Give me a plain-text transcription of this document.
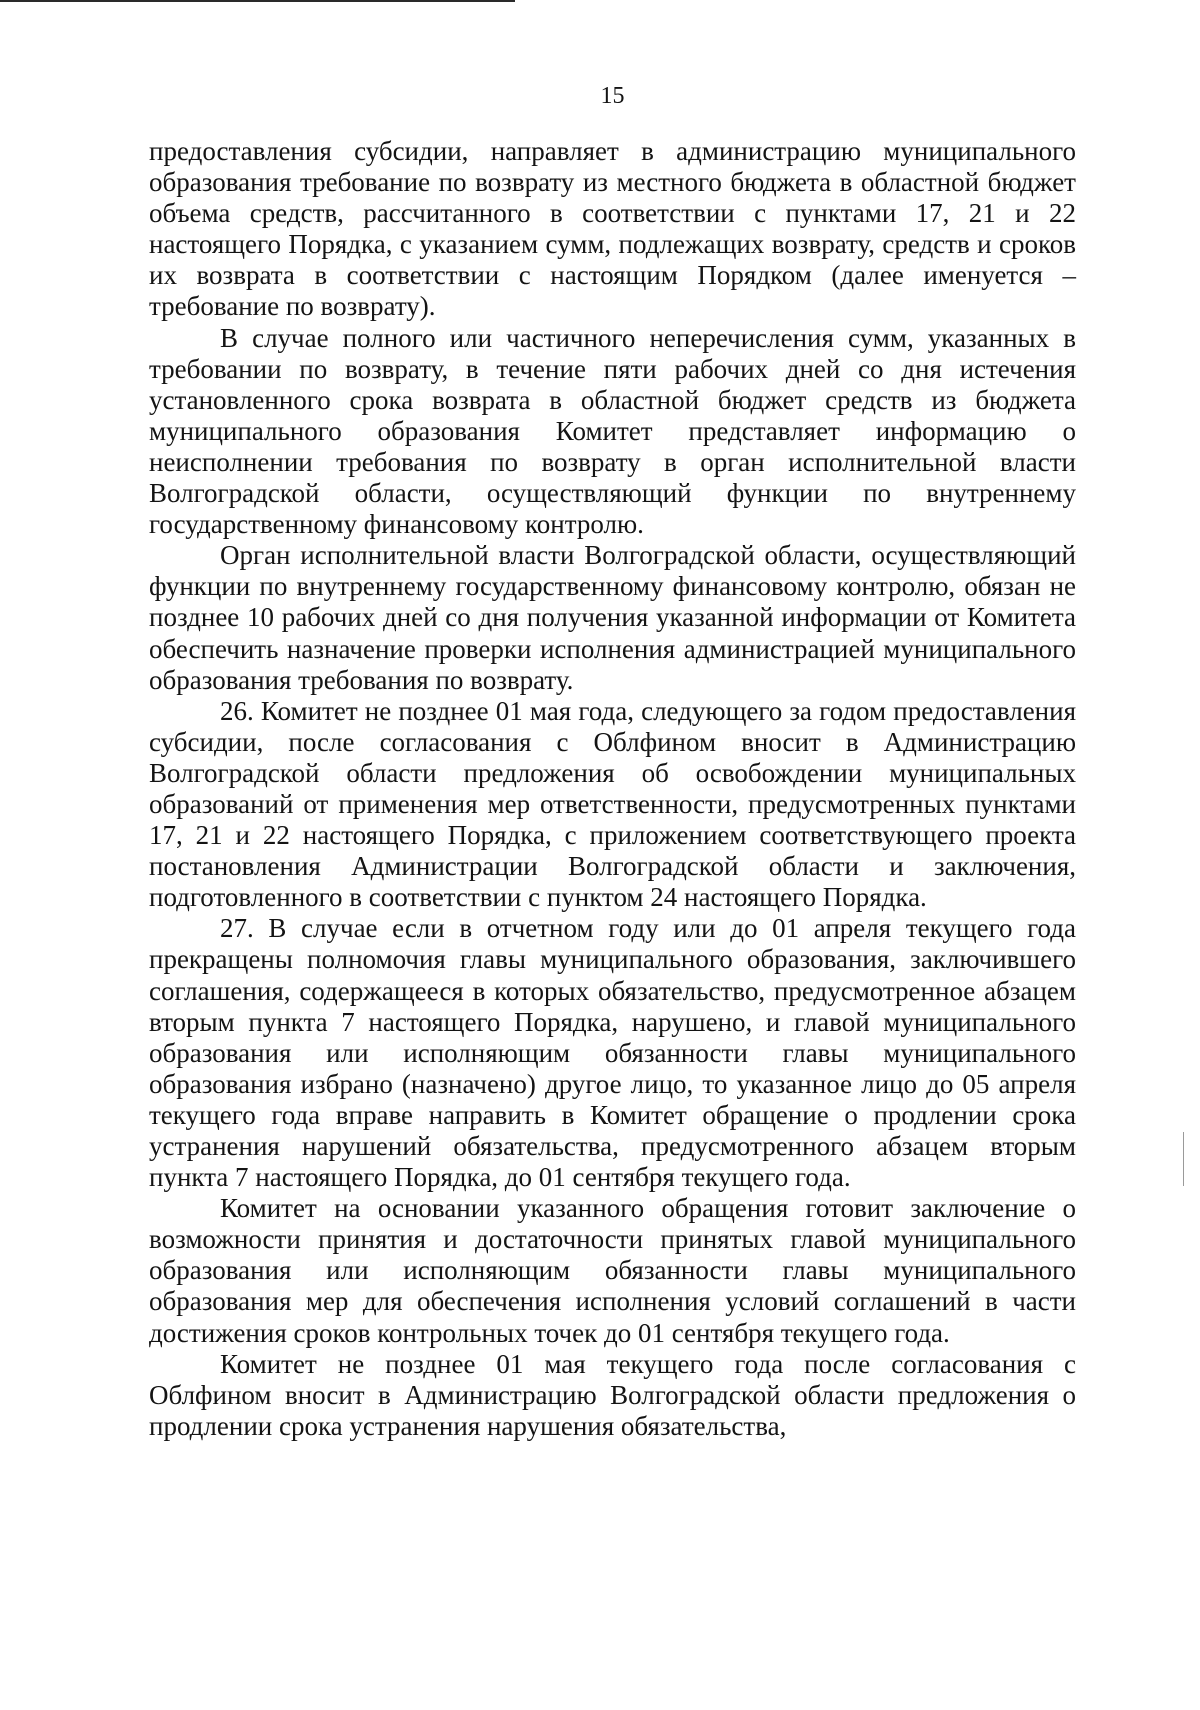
15

предоставления субсидии, направляет в администрацию муниципального образования требование по возврату из местного бюджета в областной бюджет объема средств, рассчитанного в соответствии с пунктами 17, 21 и 22 настоящего Порядка, с указанием сумм, подлежащих возврату, средств и сроков их возврата в соответствии с настоящим Порядком (далее именуется – требование по возврату).

В случае полного или частичного неперечисления сумм, указанных в требовании по возврату, в течение пяти рабочих дней со дня истечения установленного срока возврата в областной бюджет средств из бюджета муниципального образования Комитет представляет информацию о неисполнении требования по возврату в орган исполнительной власти Волгоградской области, осуществляющий функции по внутреннему государственному финансовому контролю.

Орган исполнительной власти Волгоградской области, осуществляющий функции по внутреннему государственному финансовому контролю, обязан не позднее 10 рабочих дней со дня получения указанной информации от Комитета обеспечить назначение проверки исполнения администрацией муниципального образования требования по возврату.

26. Комитет не позднее 01 мая года, следующего за годом предоставления субсидии, после согласования с Облфином вносит в Администрацию Волгоградской области предложения об освобождении муниципальных образований от применения мер ответственности, предусмотренных пунктами 17, 21 и 22 настоящего Порядка, с приложением соответствующего проекта постановления Администрации Волгоградской области и заключения, подготовленного в соответствии с пунктом 24 настоящего Порядка.

27. В случае если в отчетном году или до 01 апреля текущего года прекращены полномочия главы муниципального образования, заключившего соглашения, содержащееся в которых обязательство, предусмотренное абзацем вторым пункта 7 настоящего Порядка, нарушено, и главой муниципального образования или исполняющим обязанности главы муниципального образования избрано (назначено) другое лицо, то указанное лицо до 05 апреля текущего года вправе направить в Комитет обращение о продлении срока устранения нарушений обязательства, предусмотренного абзацем вторым пункта 7 настоящего Порядка, до 01 сентября текущего года.

Комитет на основании указанного обращения готовит заключение о возможности принятия и достаточности принятых главой муниципального образования или исполняющим обязанности главы муниципального образования мер для обеспечения исполнения условий соглашений в части достижения сроков контрольных точек до 01 сентября текущего года.

Комитет не позднее 01 мая текущего года после согласования с Облфином вносит в Администрацию Волгоградской области предложения о продлении срока устранения нарушения обязательства,
